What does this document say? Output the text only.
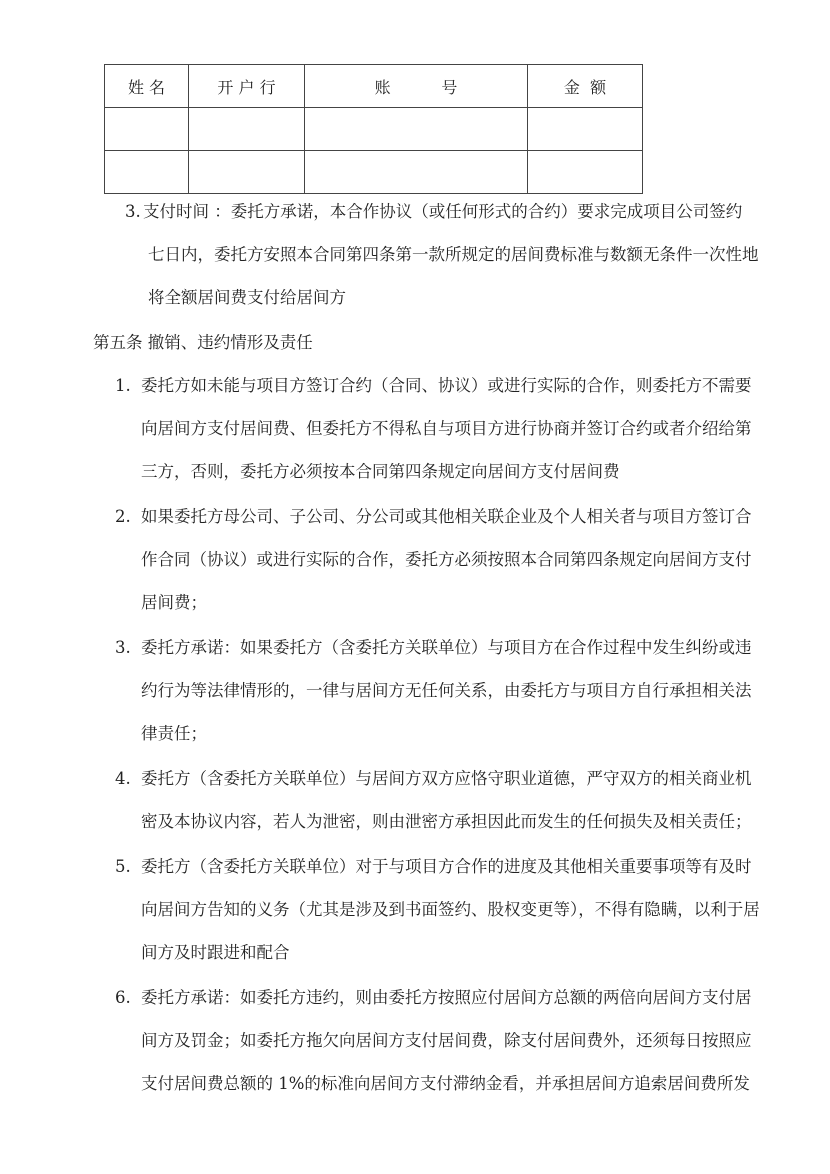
姓 名	开 户 行	账          号	金  额

3. 支付时间 ：委托方承诺，本合作协议（或任何形式的合约）要求完成项目公司签约
七日内，委托方安照本合同第四条第一款所规定的居间费标准与数额无条件一次性地
将全额居间费支付给居间方
第五条 撤销、违约情形及责任
1. 委托方如未能与项目方签订合约（合同、协议）或进行实际的合作，则委托方不需要
向居间方支付居间费、但委托方不得私自与项目方进行协商并签订合约或者介绍给第
三方，否则，委托方必须按本合同第四条规定向居间方支付居间费
2. 如果委托方母公司、子公司、分公司或其他相关联企业及个人相关者与项目方签订合
作合同（协议）或进行实际的合作，委托方必须按照本合同第四条规定向居间方支付
居间费；
3. 委托方承诺：如果委托方（含委托方关联单位）与项目方在合作过程中发生纠纷或违
约行为等法律情形的，一律与居间方无任何关系，由委托方与项目方自行承担相关法
律责任；
4. 委托方（含委托方关联单位）与居间方双方应恪守职业道德，严守双方的相关商业机
密及本协议内容，若人为泄密，则由泄密方承担因此而发生的任何损失及相关责任；
5. 委托方（含委托方关联单位）对于与项目方合作的进度及其他相关重要事项等有及时
向居间方告知的义务（尤其是涉及到书面签约、股权变更等），不得有隐瞒，以利于居
间方及时跟进和配合
6. 委托方承诺：如委托方违约，则由委托方按照应付居间方总额的两倍向居间方支付居
间方及罚金；如委托方拖欠向居间方支付居间费，除支付居间费外，还须每日按照应
支付居间费总额的 1%的标准向居间方支付滞纳金看，并承担居间方追索居间费所发
